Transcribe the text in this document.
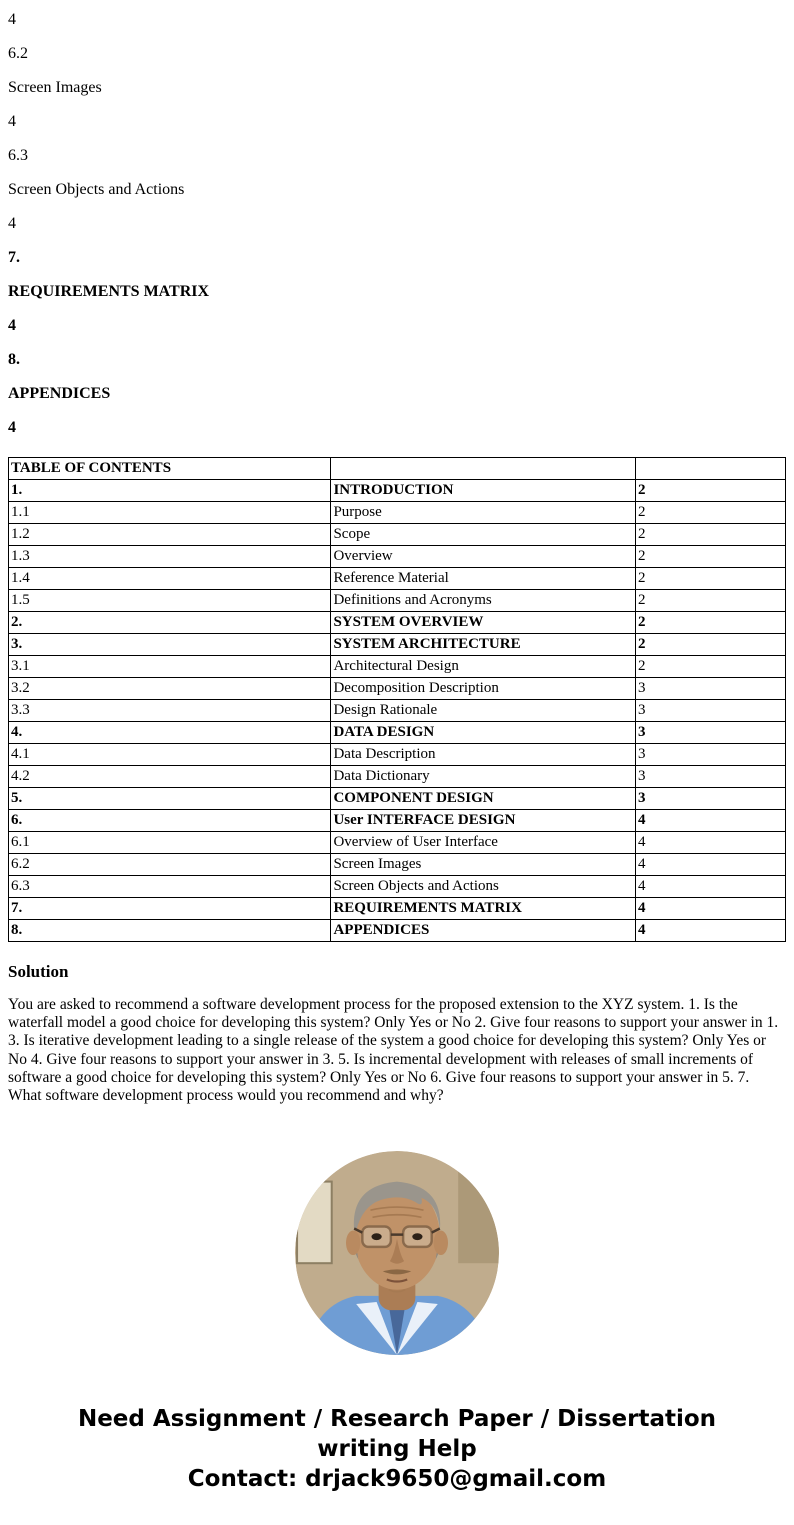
4

6.2

Screen Images

4

6.3

Screen Objects and Actions

4

7.

REQUIREMENTS MATRIX

4

8.

APPENDICES

4

TABLE OF CONTENTS		
1.	INTRODUCTION	2
1.1	Purpose	2
1.2	Scope	2
1.3	Overview	2
1.4	Reference Material	2
1.5	Definitions and Acronyms	2
2.	SYSTEM OVERVIEW	2
3.	SYSTEM ARCHITECTURE	2
3.1	Architectural Design	2
3.2	Decomposition Description	3
3.3	Design Rationale	3
4.	DATA DESIGN	3
4.1	Data Description	3
4.2	Data Dictionary	3
5.	COMPONENT DESIGN	3
6.	User INTERFACE DESIGN	4
6.1	Overview of User Interface	4
6.2	Screen Images	4
6.3	Screen Objects and Actions	4
7.	REQUIREMENTS MATRIX	4
8.	APPENDICES	4
Solution

You are asked to recommend a software development process for the proposed extension to the XYZ system. 1. Is the waterfall model a good choice for developing this system? Only Yes or No 2. Give four reasons to support your answer in 1. 3. Is iterative development leading to a single release of the system a good choice for developing this system? Only Yes or No 4. Give four reasons to support your answer in 3. 5. Is incremental development with releases of small increments of software a good choice for developing this system? Only Yes or No 6. Give four reasons to support your answer in 5. 7. What software development process would you recommend and why?

Need Assignment / Research Paper / Dissertation writing Help
Contact: drjack9650@gmail.com
